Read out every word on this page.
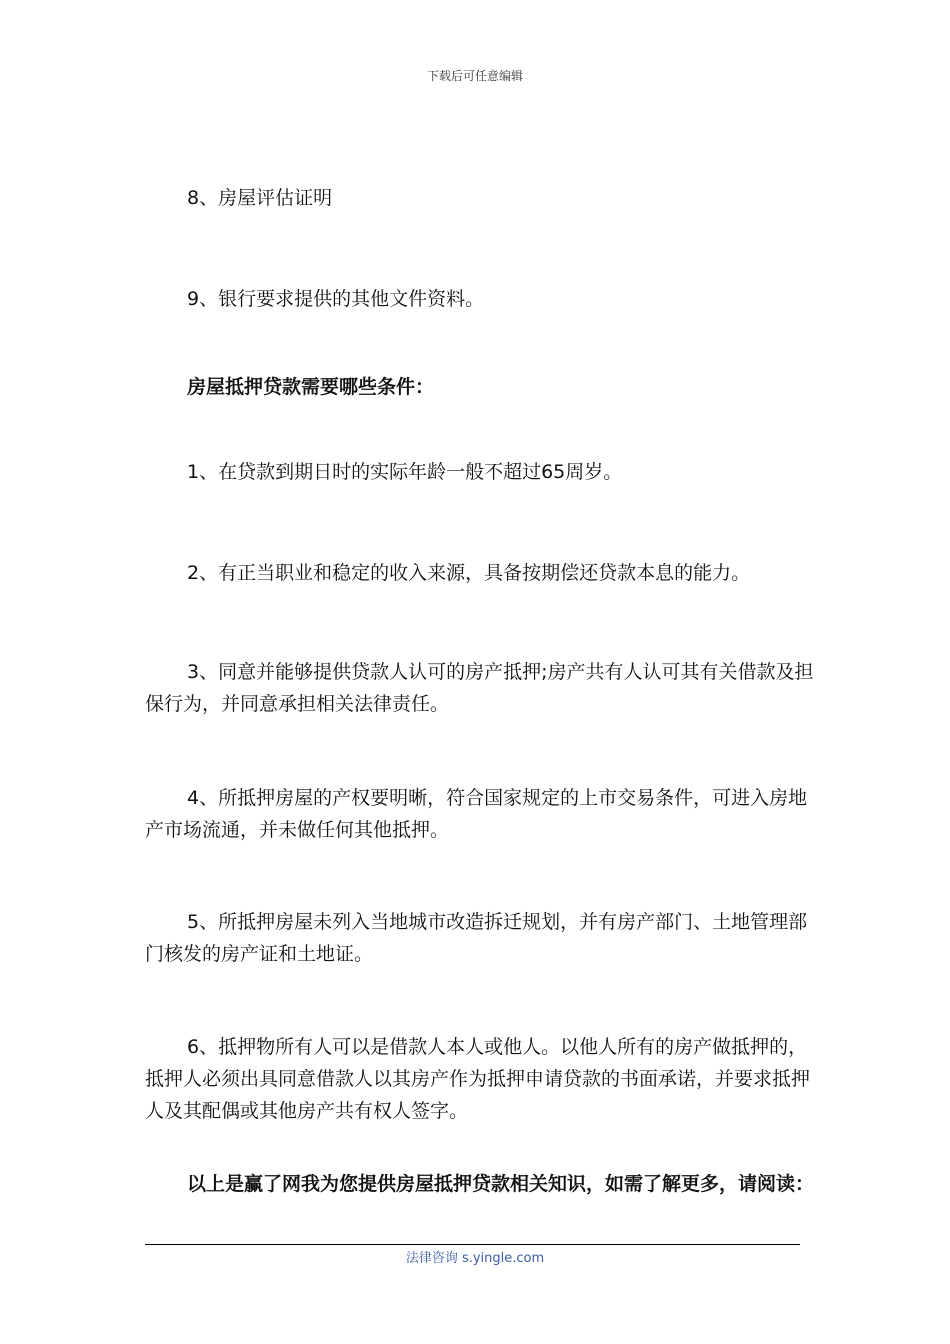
下载后可任意编辑

8、房屋评估证明

9、银行要求提供的其他文件资料。

房屋抵押贷款需要哪些条件：

1、在贷款到期日时的实际年龄一般不超过65周岁。

2、有正当职业和稳定的收入来源，具备按期偿还贷款本息的能力。

3、同意并能够提供贷款人认可的房产抵押;房产共有人认可其有关借款及担保行为，并同意承担相关法律责任。

4、所抵押房屋的产权要明晰，符合国家规定的上市交易条件，可进入房地产市场流通，并未做任何其他抵押。

5、所抵押房屋未列入当地城市改造拆迁规划，并有房产部门、土地管理部门核发的房产证和土地证。

6、抵押物所有人可以是借款人本人或他人。以他人所有的房产做抵押的，抵押人必须出具同意借款人以其房产作为抵押申请贷款的书面承诺，并要求抵押人及其配偶或其他房产共有权人签字。

以上是赢了网我为您提供房屋抵押贷款相关知识，如需了解更多，请阅读：

法律咨询 s.yingle.com
